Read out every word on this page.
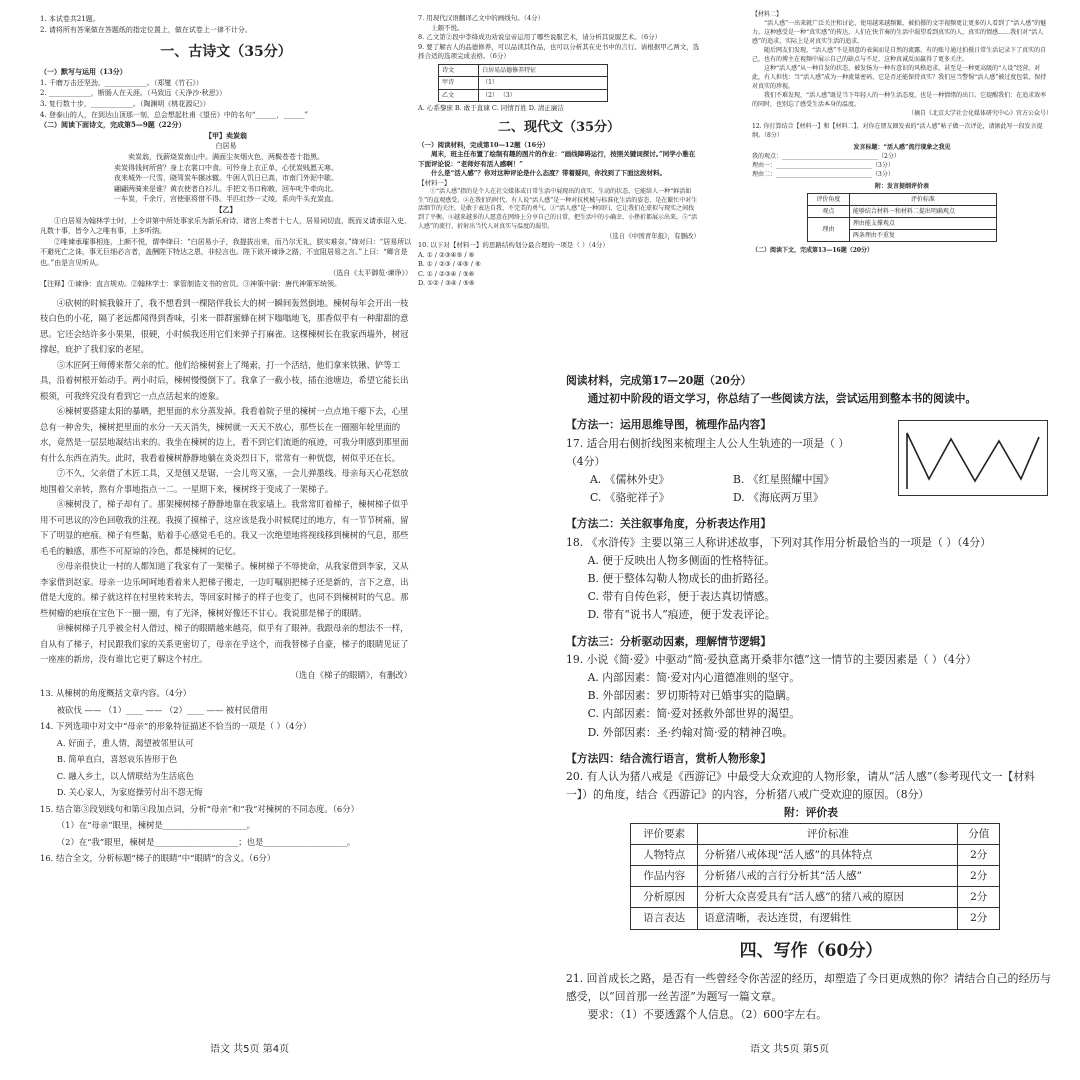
1. 本试卷共21题。

2. 请将所有答案做在答题纸的指定位置上，做在试卷上一律不计分。

一、古诗文（35分）

（一）默写与运用（13分）

1. 千磨万击还坚劲，____________。（郑燮《竹石》）

2. ____________，断肠人在天涯。（马致远《天净沙·秋思》）

3. 复行数十步，____________。（陶渊明《桃花源记》）

4. 登泰山的人，在到达山顶那一刻，总会想起杜甫《望岳》中的名句“______，______”

（二）阅读下面诗文，完成第5—9题（22分）

【甲】卖炭翁

白居易

卖炭翁，伐薪烧炭南山中。满面尘灰烟火色，两鬓苍苍十指黑。

卖炭得钱何所营？身上衣裳口中食。可怜身上衣正单，心忧炭贱愿天寒。

夜来城外一尺雪，晓驾炭车辗冰辙。牛困人饥日已高，市南门外泥中歇。

翩翩两骑来是谁？黄衣使者白衫儿。手把文书口称敕，回车叱牛牵向北。

一车炭，千余斤，宫使驱将惜不得。半匹红纱一丈绫，系向牛头充炭直。

【乙】

①白居易为翰林学士时，上令讲第中所处事家乐为新乐府诗，诸宫上奏者十七人，居易词切直，既而又请承诏入史，凡数十事，皆令入之唯有事，上多听纳。

②唯谏承璀事相连，上颇不悦，谓李绛曰：“白居易小子，我提拔出来，而乃尔无礼，朕实难奈。”绛对曰：“居易所以不避死亡之诛，事无巨细必言者，盖酬陛下特达之恩，非轻言也。陛下欲开谏诤之路，不宜阻居易之言。”上曰：“卿言是也。”由是言见听从。

（选自《太平御览·谏诤》）

【注释】①谏诤：直言规劝。②翰林学士：掌管制诰文书的官员。③神策中尉：唐代神策军统领。

④砍树的时候我躲开了，我不想看到一棵陪伴我长大的树一瞬间轰然倒地。楝树每年会开出一枝枝白色的小花，隔了老远都闻得到香味，引来一群群蜜蜂在树下嗡嗡地飞，那香似乎有一种甜甜的意思。它还会结许多小果果，很硬，小时候我还用它们来弹子打麻雀。这棵楝树长在我家西墙外，树冠撑起，庇护了我们家的老屋。

⑤木匠阿王师傅来帮父亲的忙。他们给楝树套上了绳索，打一个活结，他们拿来铁锹、铲等工具，沿着树根开始动手。两小时后，楝树慢慢倒下了。我拿了一截小枝，插在池塘边，希望它能长出根须，可我终究没有看到它一点点活起来的迹象。

⑥楝树要搭建太阳的暴晒，把里面的水分蒸发掉。我看着院子里的楝树一点点地干瘪下去，心里总有一种舍失，楝树把里面的水分一天天消失，楝树就一天天不放心，那些长在一圈圈年轮里面的水，竟然是一层层地凝结出来的。我坐在楝树的边上，看不到它们流逝的痕迹，可我分明感到那里面有什么东西在消失。此时，我看着楝树静静地躺在炎炎烈日下，常常有一种恍惚，树似乎还在长。

⑦不久，父亲借了木匠工具，又是刨又是锯，一会儿弯又塞，一会儿弹墨线。母亲每天心花怒放地围着父亲转，熬有介事地指点一二。一星期下来，楝树终于变成了一架梯子。

⑧楝树没了，梯子却有了。那架楝树梯子静静地靠在我家墙上。我常常盯着梯子，楝树梯子似乎用不可思议的冷色回敬我的注视。我摸了摸梯子，这应该是我小时候爬过的地方，有一节节树痛，留下了明显的疤痕。梯子有些黏，贴着手心感觉毛毛的。我又一次绝望地将视线移到楝树的气息，那些毛毛的触感，那些不可原谅的冷色，都是楝树的记忆。

⑨母亲很快让一村的人都知道了我家有了一架梯子。楝树梯子不辱使命，从我家借到李家，又从李家借到赵家。母亲一边乐呵呵地看着来人把梯子搬走，一边叮嘱别把梯子还是新的，言下之意，出借是大度的。梯子就这样在村里转来转去，等回家时梯子的样子也变了，也同不到楝树时的气息。那些树瘤的疤痕在宝色下一圈一圈，有了光泽，楝树好像还不甘心。我说那是梯子的眼睛。

⑩楝树梯子几乎被全村人借过，梯子的眼睛越来越亮，似乎有了眼神。我跟母亲的想法不一样，自从有了梯子，村民跟我们家的关系更密切了，母亲在乎这个，而我替梯子自豪，梯子的眼睛见证了一座座的新房，没有谁比它更了解这个村庄。

（选自《梯子的眼睛》，有删改）

13. 从楝树的角度概括文章内容。（4分）

被砍伐 —— （1）____ —— （2）____ —— 被村民借用

14. 下列选项中对文中“母亲”的形象特征描述不恰当的一项是（ ）（4分）

A. 好面子，重人情，渴望被邻里认可

B. 简单直白，喜怒哀乐皆形于色

C. 融入乡土，以人情联结为生活底色

D. 关心家人，为家庭操劳付出不怨无悔

15. 结合第③段划线句和第④段加点词，分析“母亲”和“我”对楝树的不同态度。（6分）

（1）在“母亲”眼里，楝树是____________________。

（2）在“我”眼里，楝树是____________________；也是____________________。

16. 结合全文，分析标题“梯子的眼睛”中“眼睛”的含义。（6分）

语文 共5页 第4页

7. 用现代汉语翻译乙文中的画线句。（4分）

上颇不悦。

8. 乙文第②段中李绛成功劝说皇帝运用了哪些说服艺术，请分析其说服艺术。（6分）

9. 要了解古人的品德修养，可以品读其作品，也可以分析其在史书中的言行。请根据甲乙两文，选择合适的选项完成表格。（6分）

诗文	白居易品德修养特征
甲诗	（1）
乙文	（2） （3）

A. 心系黎庶 B. 敢于直谏 C. 同情百姓 D. 清正廉洁

二、现代文（35分）

（一）阅读材料，完成第10—12题（16分）

周末，班主任布置了绘制有趣的图片的作业：“画线障碍运行，按照关键词探讨。”同学小雅在下面评论说：“老师好有活人感啊！”

什么是“活人感”？你对这种评论是什么态度？带着疑问，你找到了下面这段材料。

【材料一】

①“活人感”指的是个人在社交媒体或日常生活中展现出的真实、生动的状态，它能给人一种“鲜活如生”的直观感受。②在我们的时代，有人说“活人感”是一种对抗机械与标准化生活的姿态，是在繁忙中对生活细节的关注，是敢于表达自我、不完美的勇气。③“活人感”是一种回归，它让我们在虚拟与现实之间找到了平衡。④越来越多的人愿意在网络上分享自己的日常，把生活中的小确幸、小挫折都展示出来。⑤“活人感”的流行，折射出当代人对真实与温度的渴望。

（选自《中国青年报》，有删改）

10. 以下对【材料一】的思路结构划分最合理的一项是（ ）（4分）

A. ① / ②③④⑤ / ⑥

B. ① / ②③ / ④⑤ / ⑥

C. ① / ②③④ / ⑤⑥

D. ①② / ③④ / ⑤⑥

【材料二】

“活人感”一出来就广泛关注和讨论，使用越来越频繁，被拍摄的文字视频更让更多的人看到了“活人感”的魅力。这种感受是一种“真实感”的传达，人们在快节奏的生活中渴望看到真实的人，真实的情感……我们对“活人感”的追求，实际上是对真实生活的追求。

随后网友们发现，“活人感”不是刻意的表演而是自然的流露，有的账号通过拍摄日常生活记录下了真实的自己，也有的博主在视频中展示自己的缺点与不足，这种真诚反而赢得了更多关注。

这种“活人感”从一种自发的状态，被发扬为一种有意识的风格追求，甚至是一种更高级的“人设”经营。对此，有人担忧：当“活人感”成为一种流量密码，它是否还能保持真实？我们应当警惕“活人感”被过度包装，保持对真实的珍视。

我们不难发现，“活人感”既是当下年轻人的一种生活态度，也是一种情绪的出口。它提醒我们：在追求效率的同时，也别忘了感受生活本身的温度。

（摘自《北京大学社会化媒体研究中心》官方公众号）

12. 你打算结合【材料一】和【材料二】，对你在朋友圈发表的“活人感”帖子做一次评论，请据此写一段发言提纲。（8分）

发言标题：“活人感”流行现象之我见

我的观点：________________________________（2分）

理由一：________________________________（3分）

理由二：________________________________（3分）

附：发言提纲评价表

评价角度	评价标准
观点	能够结合材料一和材料二提出明确观点
理由	理由能支撑观点
	两条理由不重复

（二）阅读下文，完成第13—16题（20分）

阅读材料，完成第17—20题（20分）

通过初中阶段的语文学习，你总结了一些阅读方法，尝试运用到整本书的阅读中。

【方法一：运用思维导图，梳理作品内容】

17. 适合用右侧折线图来梳理主人公人生轨迹的一项是（ ）

（4分）

A. 《儒林外史》	B. 《红星照耀中国》
C. 《骆驼祥子》	D. 《海底两万里》

【方法二：关注叙事角度，分析表达作用】

18. 《水浒传》主要以第三人称讲述故事，下列对其作用分析最恰当的一项是（ ）（4分）

A. 便于反映出人物多侧面的性格特征。

B. 便于整体勾勒人物成长的曲折路径。

C. 带有自传色彩，便于表达真切情感。

D. 带有“说书人”痕迹，便于发表评论。

【方法三：分析驱动因素，理解情节逻辑】

19. 小说《简·爱》中驱动“简·爱执意离开桑菲尔德”这一情节的主要因素是（ ）（4分）

A. 内部因素：简·爱对内心道德准则的坚守。

B. 外部因素：罗切斯特对已婚事实的隐瞒。

C. 内部因素：简·爱对拯救外部世界的渴望。

D. 外部因素：圣·约翰对简·爱的精神召唤。

【方法四：结合流行语言，赏析人物形象】

20. 有人认为猪八戒是《西游记》中最受大众欢迎的人物形象，请从“活人感”（参考现代文一【材料一】）的角度，结合《西游记》的内容，分析猪八戒广受欢迎的原因。（8分）

附：评价表

评价要素	评价标准	分值
人物特点	分析猪八戒体现“活人感”的具体特点	2分
作品内容	分析猪八戒的言行分析其“活人感”	2分
分析原因	分析大众喜爱具有“活人感”的猪八戒的原因	2分
语言表达	语意清晰，表达连贯，有逻辑性	2分
四、写作（60分）

21. 回首成长之路，是否有一些曾经令你苦涩的经历，却塑造了今日更成熟的你？请结合自己的经历与感受，以“回首那一丝苦涩”为题写一篇文章。

要求：（1）不要透露个人信息。（2）600字左右。

语文 共5页 第5页
